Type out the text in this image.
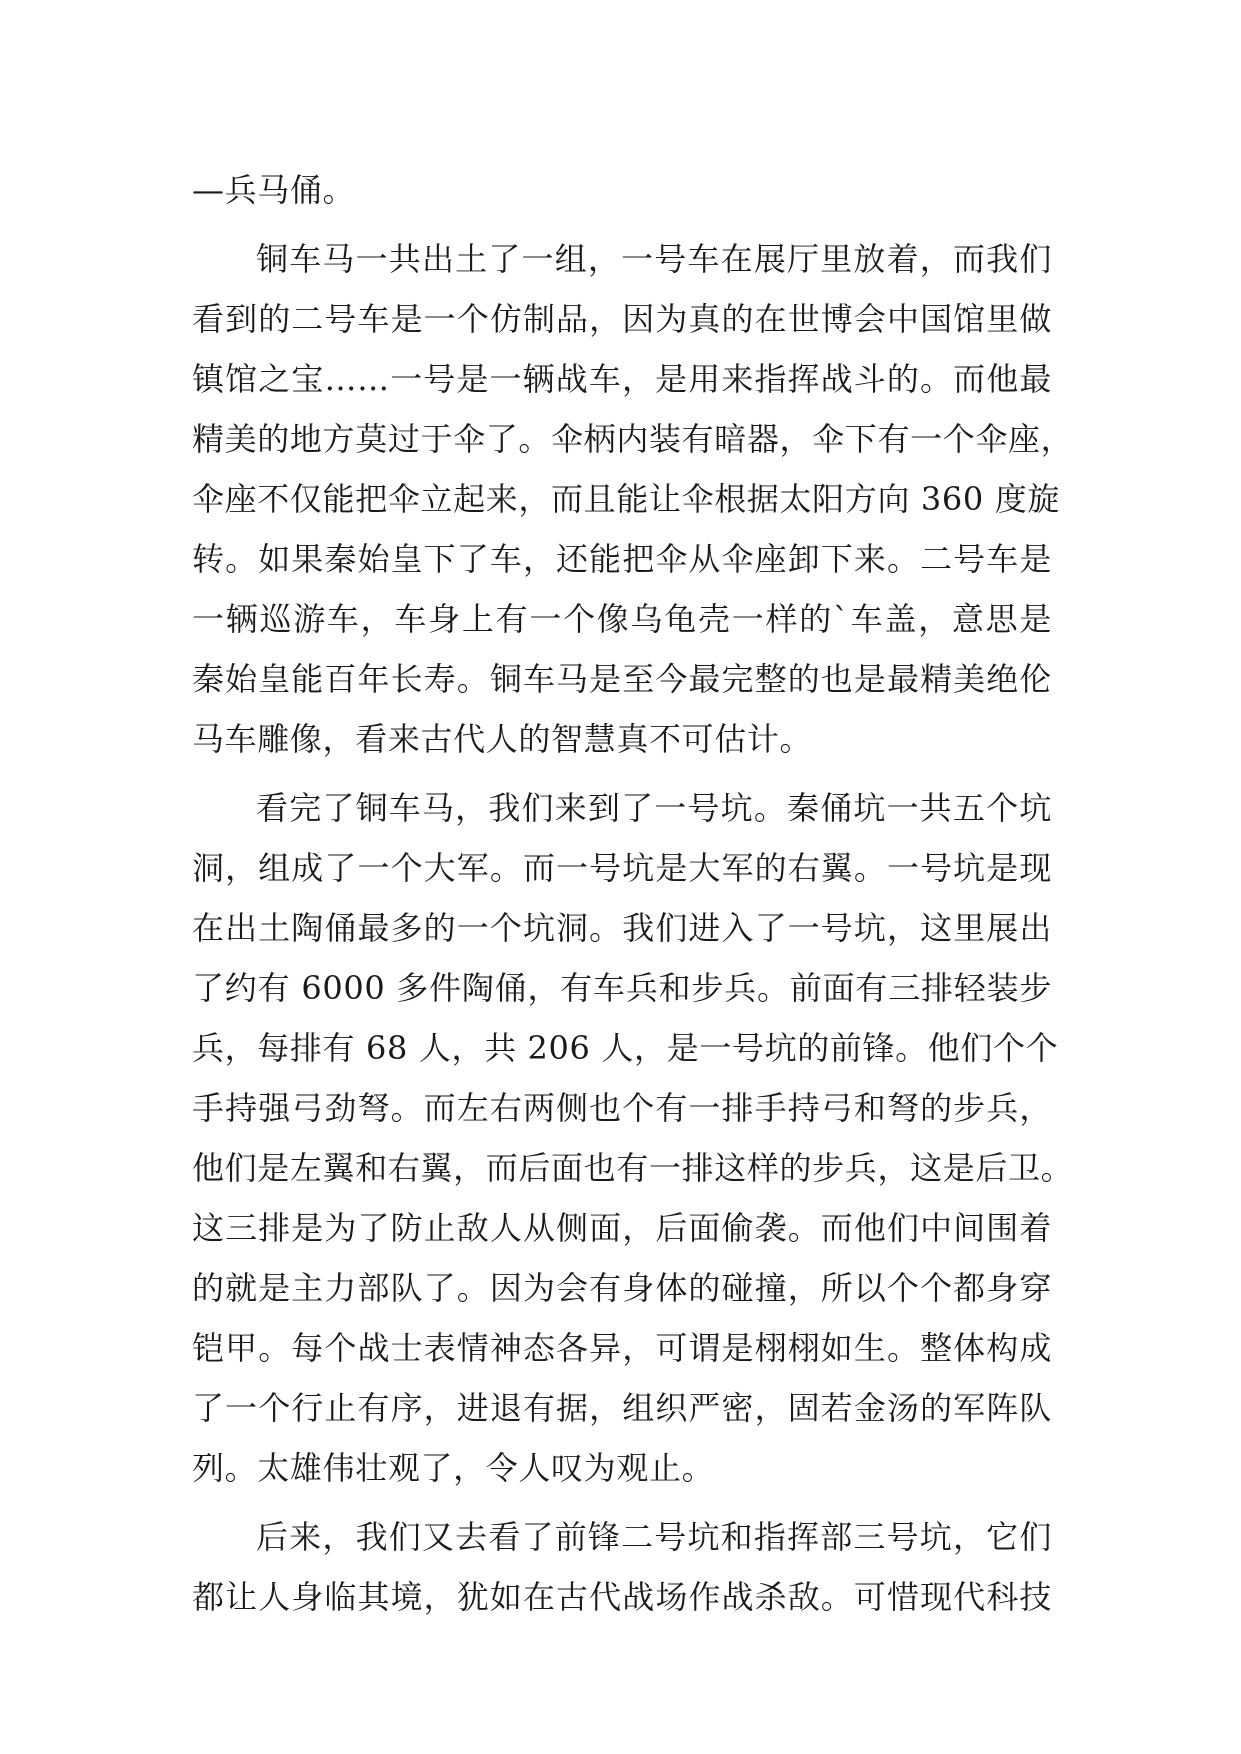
—兵马俑。
铜车马一共出土了一组，一号车在展厅里放着，而我们
看到的二号车是一个仿制品，因为真的在世博会中国馆里做
镇馆之宝……一号是一辆战车，是用来指挥战斗的。而他最
精美的地方莫过于伞了。伞柄内装有暗器，伞下有一个伞座，
伞座不仅能把伞立起来，而且能让伞根据太阳方向 360 度旋
转。如果秦始皇下了车，还能把伞从伞座卸下来。二号车是
一辆巡游车，车身上有一个像乌龟壳一样的`车盖，意思是
秦始皇能百年长寿。铜车马是至今最完整的也是最精美绝伦
马车雕像，看来古代人的智慧真不可估计。
看完了铜车马，我们来到了一号坑。秦俑坑一共五个坑
洞，组成了一个大军。而一号坑是大军的右翼。一号坑是现
在出土陶俑最多的一个坑洞。我们进入了一号坑，这里展出
了约有 6000 多件陶俑，有车兵和步兵。前面有三排轻装步
兵，每排有 68 人，共 206 人，是一号坑的前锋。他们个个
手持强弓劲弩。而左右两侧也个有一排手持弓和弩的步兵，
他们是左翼和右翼，而后面也有一排这样的步兵，这是后卫。
这三排是为了防止敌人从侧面，后面偷袭。而他们中间围着
的就是主力部队了。因为会有身体的碰撞，所以个个都身穿
铠甲。每个战士表情神态各异，可谓是栩栩如生。整体构成
了一个行止有序，进退有据，组织严密，固若金汤的军阵队
列。太雄伟壮观了，令人叹为观止。
后来，我们又去看了前锋二号坑和指挥部三号坑，它们
都让人身临其境，犹如在古代战场作战杀敌。可惜现代科技
